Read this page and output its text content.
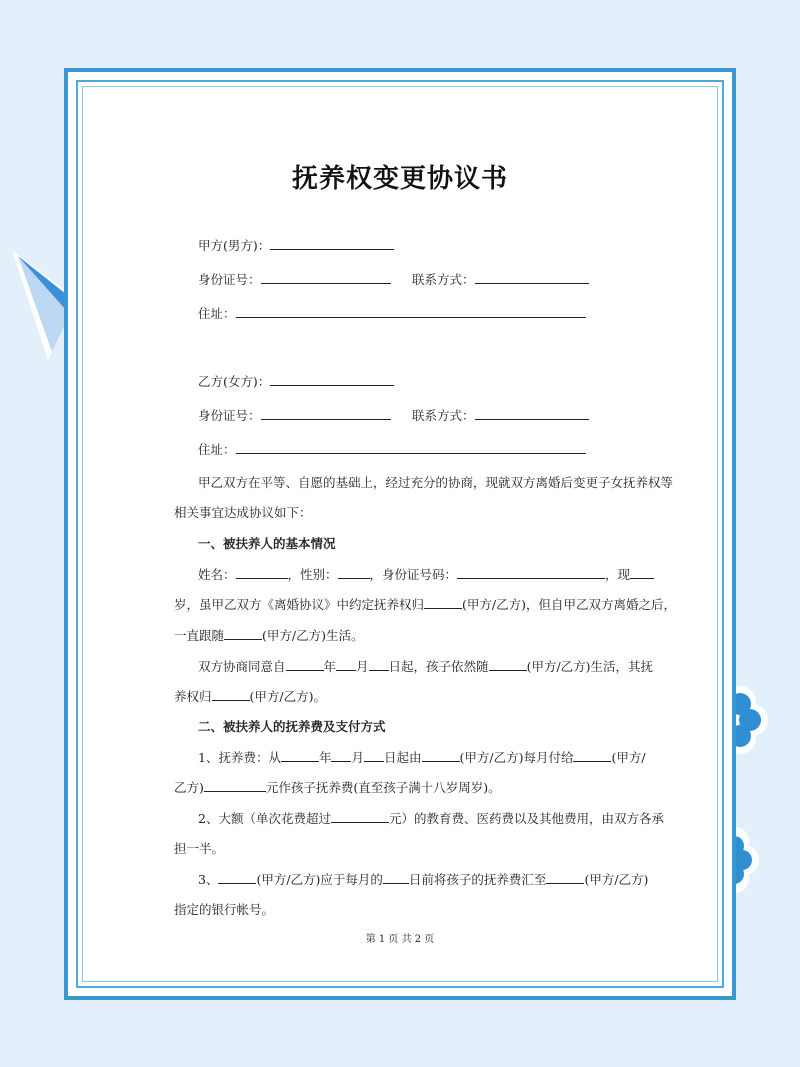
抚养权变更协议书
甲方(男方)：
身份证号：	联系方式：
住址：
乙方(女方)：
身份证号：	联系方式：
住址：
甲乙双方在平等、自愿的基础上，经过充分的协商，现就双方离婚后变更子女抚养权等
相关事宜达成协议如下：
一、被扶养人的基本情况
姓名：	，性别：	，身份证号码：	，现
岁，虽甲乙双方《离婚协议》中约定抚养权归	(甲方/乙方)，但自甲乙双方离婚之后，
一直跟随	(甲方/乙方)生活。
双方协商同意自	年 月 日起，孩子依然随	(甲方/乙方)生活，其抚
养权归	(甲方/乙方)。
二、被扶养人的抚养费及支付方式
1、抚养费：从	年 月 日起由	(甲方/乙方)每月付给	(甲方/
乙方)	元作孩子抚养费(直至孩子满十八岁周岁)。
2、大额（单次花费超过	元）的教育费、医药费以及其他费用，由双方各承
担一半。
3、	(甲方/乙方)应于每月的 日前将孩子的抚养费汇至	(甲方/乙方)
指定的银行帐号。
第 1 页 共 2 页
